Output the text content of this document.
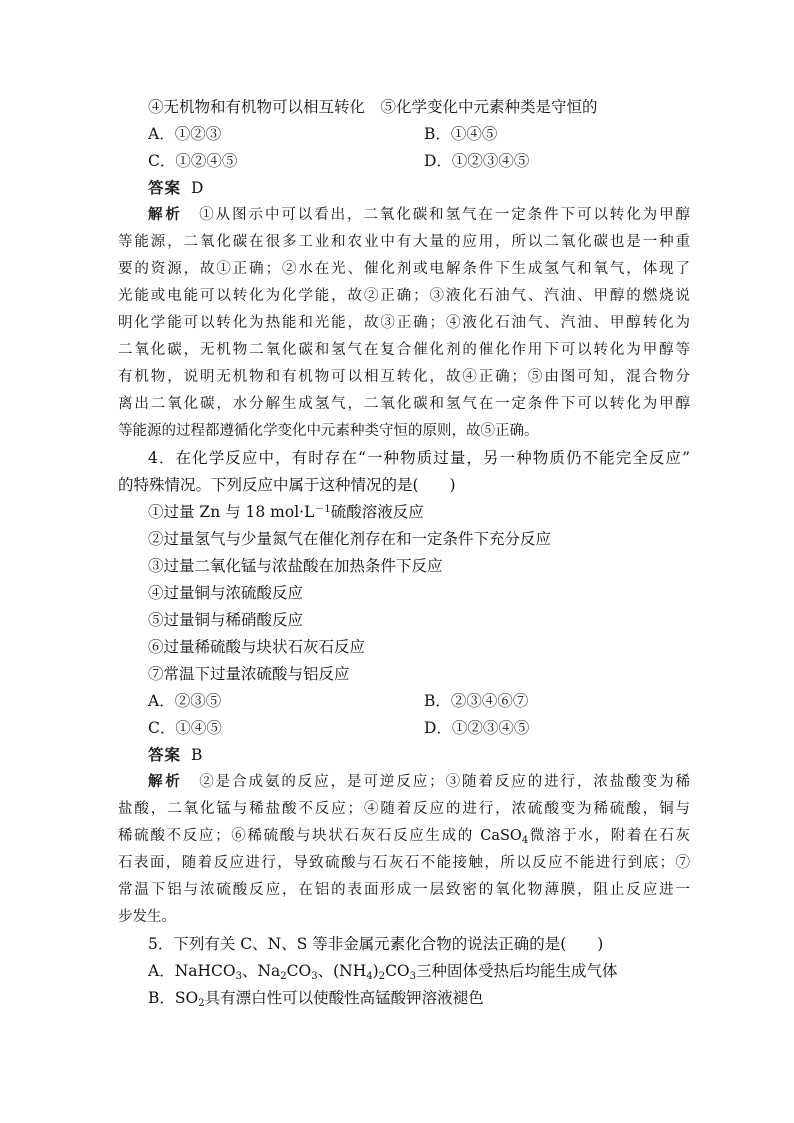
④无机物和有机物可以相互转化　⑤化学变化中元素种类是守恒的
A．①②③	B．①④⑤
C．①②④⑤	D．①②③④⑤
答案 D
解析  ①从图示中可以看出，二氧化碳和氢气在一定条件下可以转化为甲醇
等能源，二氧化碳在很多工业和农业中有大量的应用，所以二氧化碳也是一种重
要的资源，故①正确；②水在光、催化剂或电解条件下生成氢气和氧气，体现了
光能或电能可以转化为化学能，故②正确；③液化石油气、汽油、甲醇的燃烧说
明化学能可以转化为热能和光能，故③正确；④液化石油气、汽油、甲醇转化为
二氧化碳，无机物二氧化碳和氢气在复合催化剂的催化作用下可以转化为甲醇等
有机物，说明无机物和有机物可以相互转化，故④正确；⑤由图可知，混合物分
离出二氧化碳，水分解生成氢气，二氧化碳和氢气在一定条件下可以转化为甲醇
等能源的过程都遵循化学变化中元素种类守恒的原则，故⑤正确。
4．在化学反应中，有时存在“一种物质过量，另一种物质仍不能完全反应”
的特殊情况。下列反应中属于这种情况的是(　　)
①过量 Zn 与 18 $mol\cdot L^{-1}$硫酸溶液反应
②过量氢气与少量氮气在催化剂存在和一定条件下充分反应
③过量二氧化锰与浓盐酸在加热条件下反应
④过量铜与浓硫酸反应
⑤过量铜与稀硝酸反应
⑥过量稀硫酸与块状石灰石反应
⑦常温下过量浓硫酸与铝反应
A．②③⑤	B．②③④⑥⑦
C．①④⑤	D．①②③④⑤
答案 B
解析  ②是合成氨的反应，是可逆反应；③随着反应的进行，浓盐酸变为稀
盐酸，二氧化锰与稀盐酸不反应；④随着反应的进行，浓硫酸变为稀硫酸，铜与
稀硫酸不反应；⑥稀硫酸与块状石灰石反应生成的 CaSO$_4$微溶于水，附着在石灰
石表面，随着反应进行，导致硫酸与石灰石不能接触，所以反应不能进行到底；⑦
常温下铝与浓硫酸反应，在铝的表面形成一层致密的氧化物薄膜，阻止反应进一
步发生。
5．下列有关 C、N、S 等非金属元素化合物的说法正确的是(　　)
A．NaHCO$_3$、$Na_2CO_3$、$(NH_4)_2CO_3$三种固体受热后均能生成气体
B．$SO_2$具有漂白性可以使酸性高锰酸钾溶液褪色
